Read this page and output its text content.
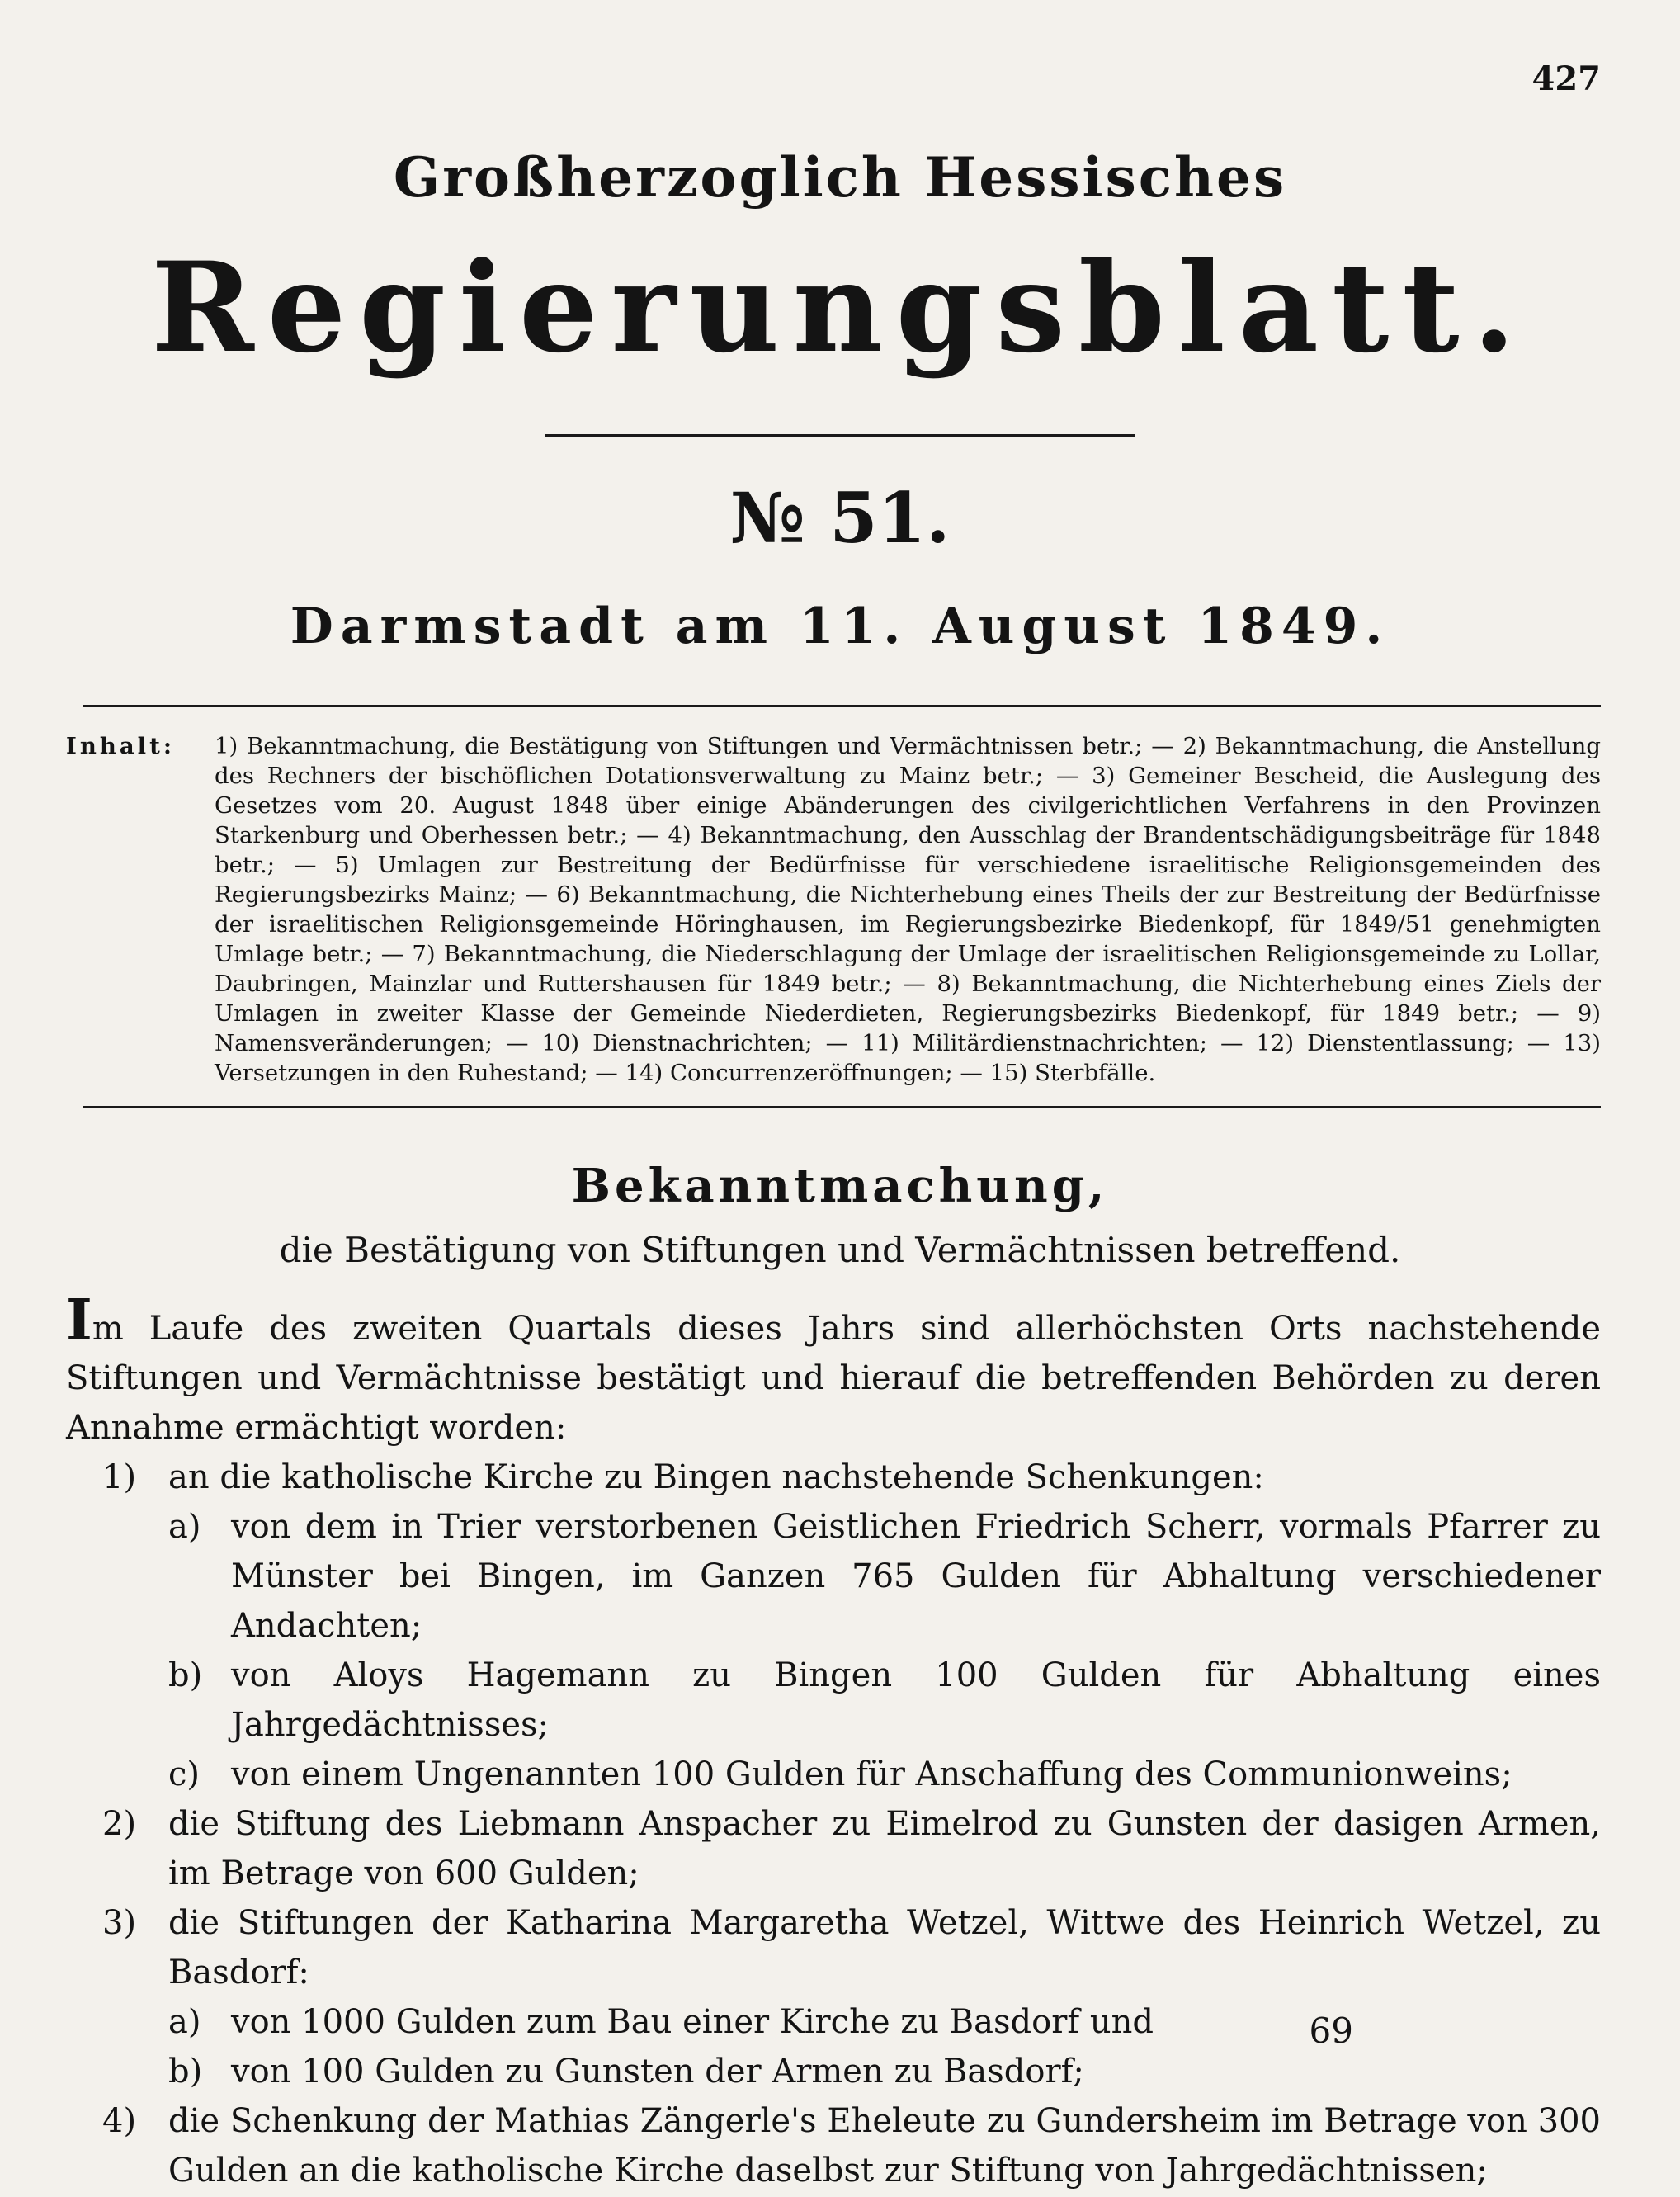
427
Großherzoglich Hessisches
Regierungsblatt.
№ 51.
Darmstadt am 11. August 1849.
Inhalt:	1) Bekanntmachung, die Bestätigung von Stiftungen und Vermächtnissen betr.; — 2) Bekanntmachung, die Anstellung des Rechners der bischöflichen Dotationsverwaltung zu Mainz betr.; — 3) Gemeiner Bescheid, die Auslegung des Gesetzes vom 20. August 1848 über einige Abänderungen des civilgerichtlichen Verfahrens in den Provinzen Starkenburg und Oberhessen betr.; — 4) Bekanntmachung, den Ausschlag der Brandentschädigungsbeiträge für 1848 betr.; — 5) Umlagen zur Bestreitung der Bedürfnisse für verschiedene israelitische Religionsgemeinden des Regierungsbezirks Mainz; — 6) Bekanntmachung, die Nichterhebung eines Theils der zur Bestreitung der Bedürfnisse der israelitischen Religionsgemeinde Höringhausen, im Regierungsbezirke Biedenkopf, für 1849/51 genehmigten Umlage betr.; — 7) Bekanntmachung, die Niederschlagung der Umlage der israelitischen Religionsgemeinde zu Lollar, Daubringen, Mainzlar und Ruttershausen für 1849 betr.; — 8) Bekanntmachung, die Nichterhebung eines Ziels der Umlagen in zweiter Klasse der Gemeinde Niederdieten, Regierungsbezirks Biedenkopf, für 1849 betr.; — 9) Namensveränderungen; — 10) Dienstnachrichten; — 11) Militärdienstnachrichten; — 12) Dienstentlassung; — 13) Versetzungen in den Ruhestand; — 14) Concurrenzeröffnungen; — 15) Sterbfälle.
Bekanntmachung,
die Bestätigung von Stiftungen und Vermächtnissen betreffend.

Im Laufe des zweiten Quartals dieses Jahrs sind allerhöchsten Orts nachstehende Stiftungen und Vermächtnisse bestätigt und hierauf die betreffenden Behörden zu deren Annahme ermächtigt worden:

1) an die katholische Kirche zu Bingen nachstehende Schenkungen:

a) von dem in Trier verstorbenen Geistlichen Friedrich Scherr, vormals Pfarrer zu Münster bei Bingen, im Ganzen 765 Gulden für Abhaltung verschiedener Andachten;

b) von Aloys Hagemann zu Bingen 100 Gulden für Abhaltung eines Jahrgedächtnisses;

c) von einem Ungenannten 100 Gulden für Anschaffung des Communionweins;

2) die Stiftung des Liebmann Anspacher zu Eimelrod zu Gunsten der dasigen Armen, im Betrage von 600 Gulden;

3) die Stiftungen der Katharina Margaretha Wetzel, Wittwe des Heinrich Wetzel, zu Basdorf:

a) von 1000 Gulden zum Bau einer Kirche zu Basdorf und

b) von 100 Gulden zu Gunsten der Armen zu Basdorf;

4) die Schenkung der Mathias Zängerle's Eheleute zu Gundersheim im Betrage von 300 Gulden an die katholische Kirche daselbst zur Stiftung von Jahrgedächtnissen;

69
